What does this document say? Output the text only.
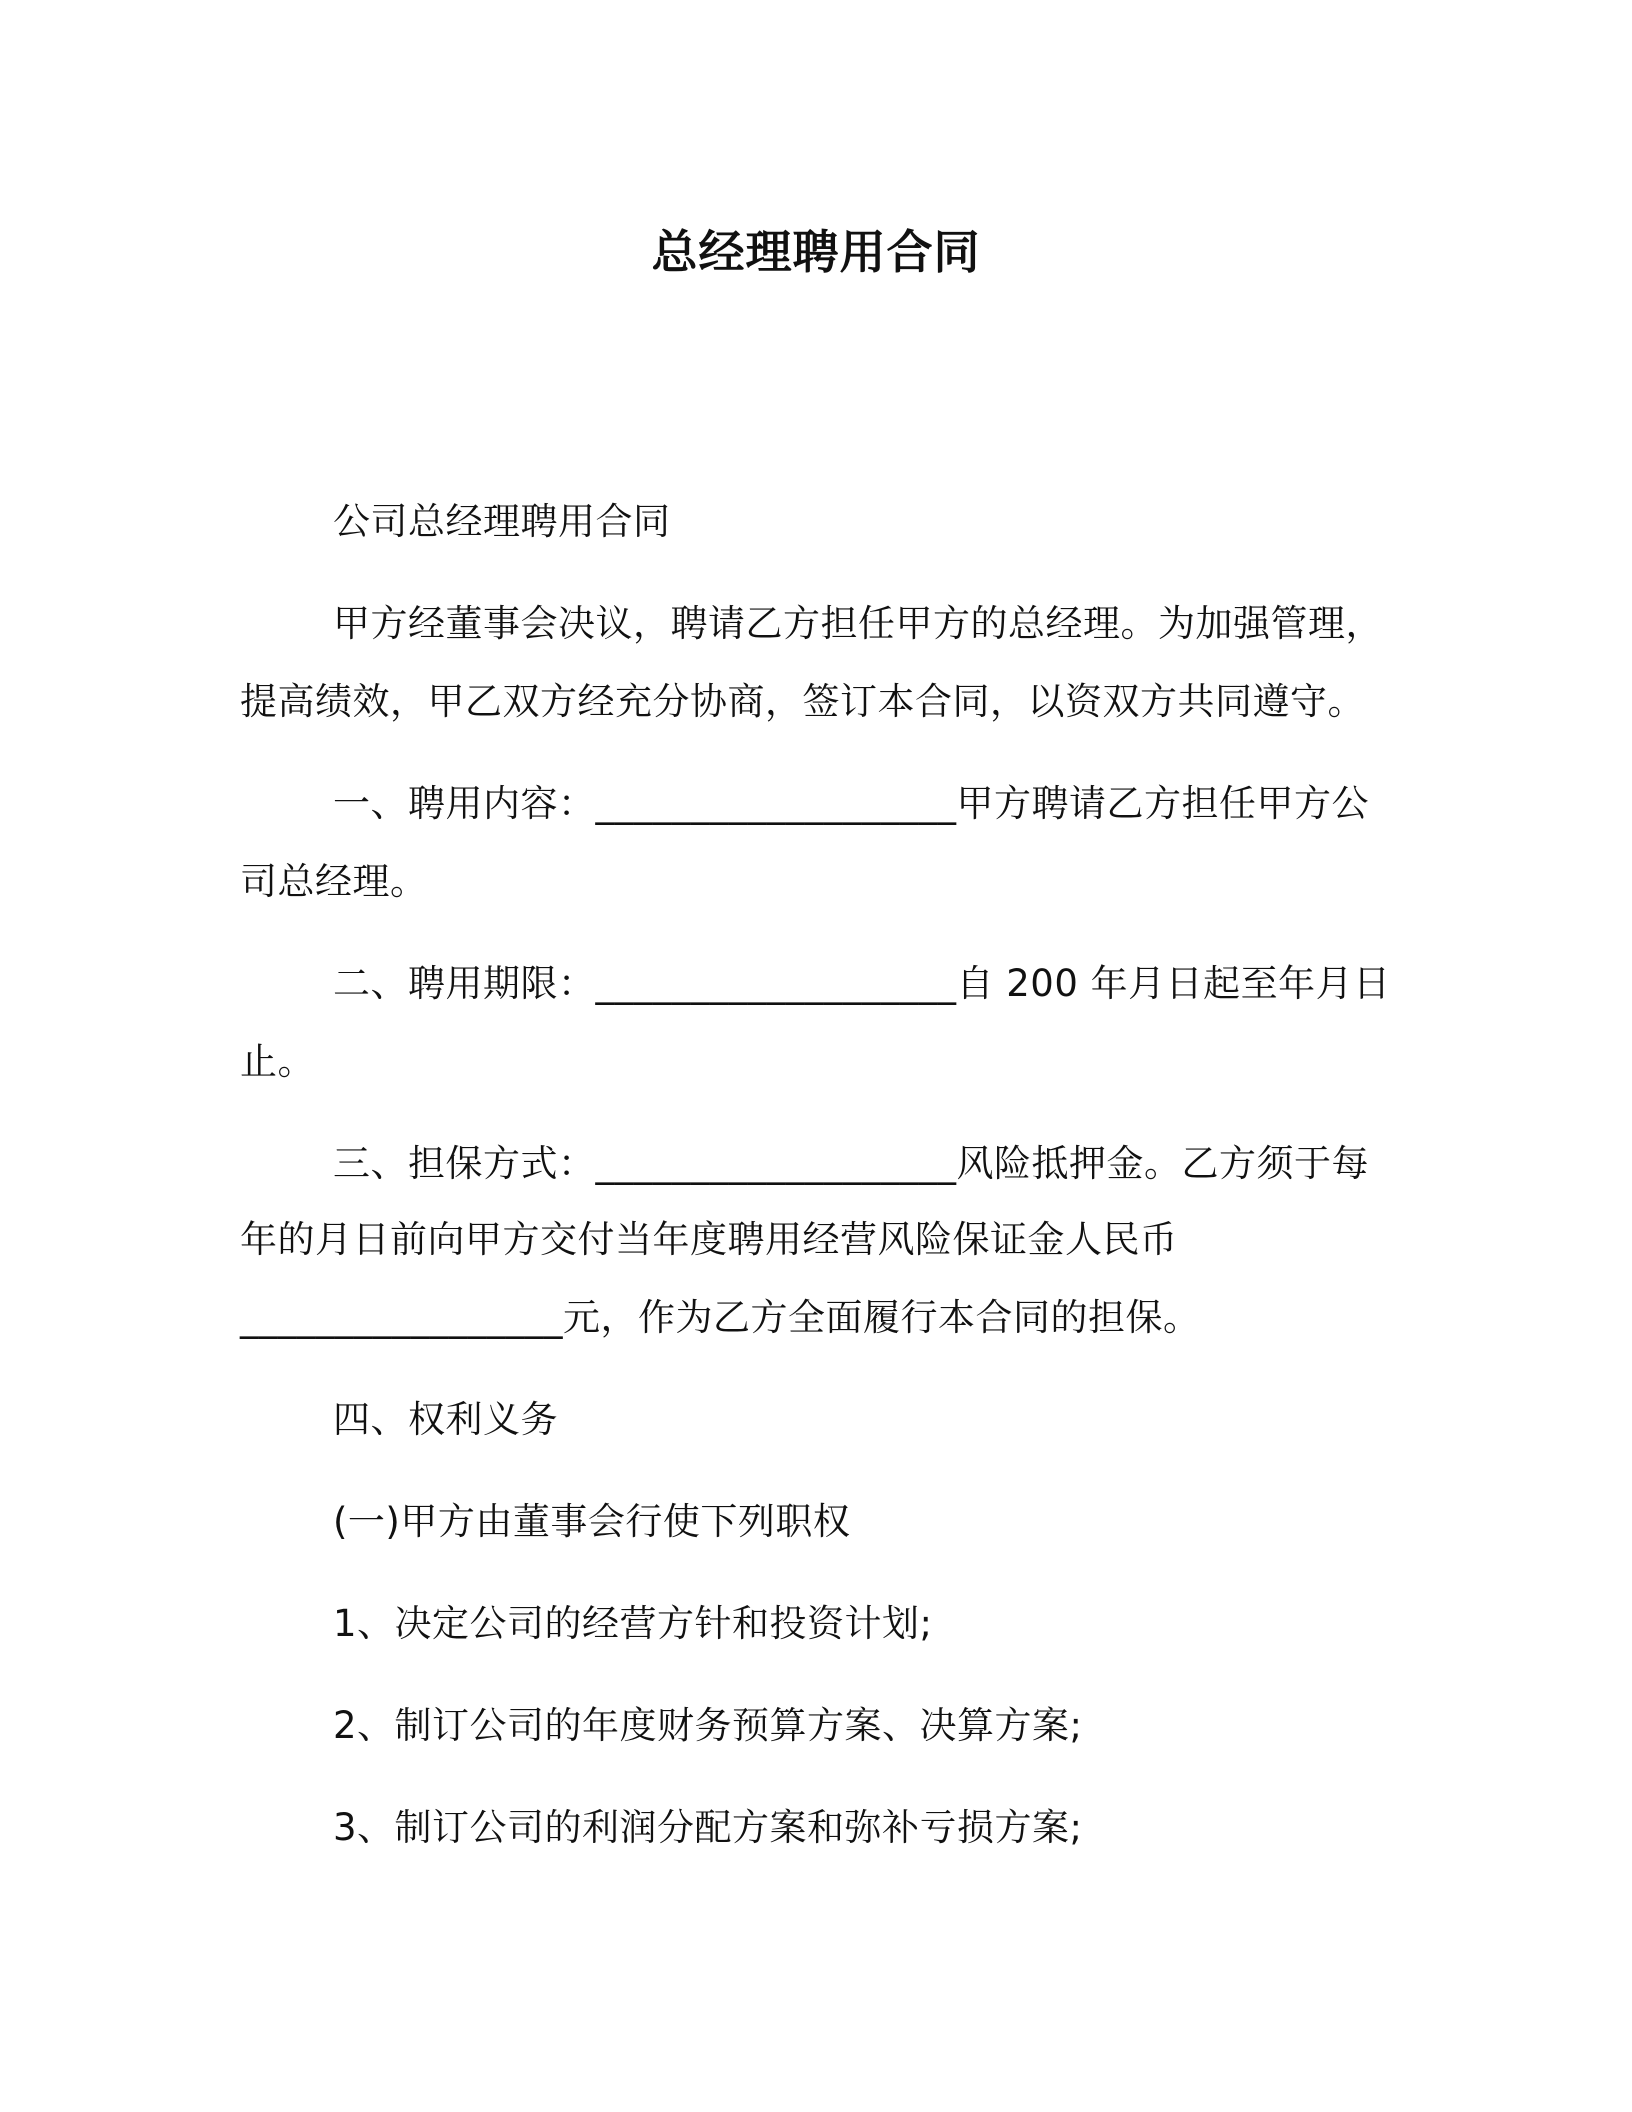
总经理聘用合同
公司总经理聘用合同
甲方经董事会决议，聘请乙方担任甲方的总经理。为加强管理，
提高绩效，甲乙双方经充分协商，签订本合同，以资双方共同遵守。
一、聘用内容：___________________甲方聘请乙方担任甲方公
司总经理。
二、聘用期限：___________________自 200 年月日起至年月日
止。
三、担保方式：___________________风险抵押金。乙方须于每
年的月日前向甲方交付当年度聘用经营风险保证金人民币
_________________元，作为乙方全面履行本合同的担保。
四、权利义务
(一)甲方由董事会行使下列职权
1、决定公司的经营方针和投资计划;
2、制订公司的年度财务预算方案、决算方案;
3、制订公司的利润分配方案和弥补亏损方案;
